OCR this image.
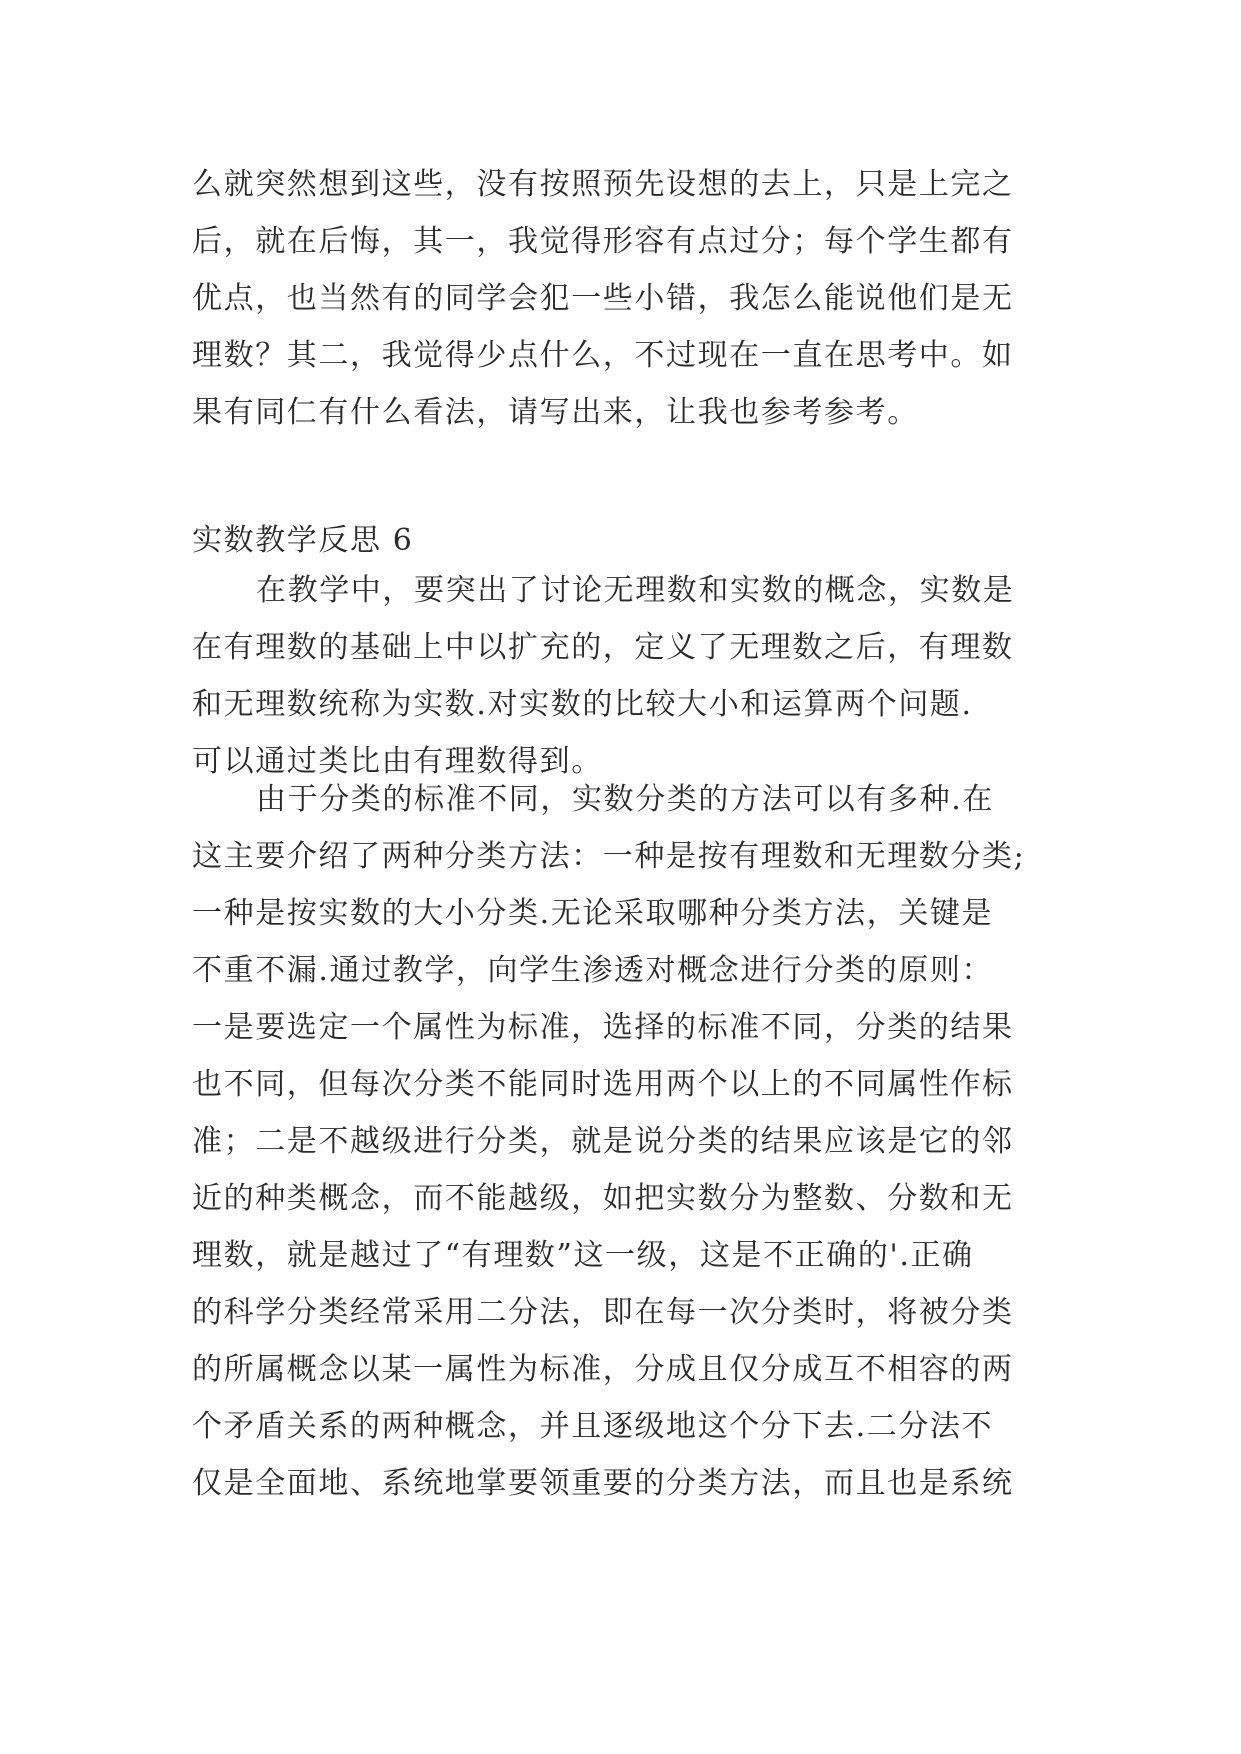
么就突然想到这些，没有按照预先设想的去上，只是上完之
后，就在后悔，其一，我觉得形容有点过分；每个学生都有
优点，也当然有的同学会犯一些小错，我怎么能说他们是无
理数？其二，我觉得少点什么，不过现在一直在思考中。如
果有同仁有什么看法，请写出来，让我也参考参考。
实数教学反思 6
在教学中，要突出了讨论无理数和实数的概念，实数是
在有理数的基础上中以扩充的，定义了无理数之后，有理数
和无理数统称为实数.对实数的比较大小和运算两个问题.
可以通过类比由有理数得到。
由于分类的标准不同，实数分类的方法可以有多种.在
这主要介绍了两种分类方法：一种是按有理数和无理数分类;
一种是按实数的大小分类.无论采取哪种分类方法，关键是
不重不漏.通过教学，向学生渗透对概念进行分类的原则：
一是要选定一个属性为标准，选择的标准不同，分类的结果
也不同，但每次分类不能同时选用两个以上的不同属性作标
准；二是不越级进行分类，就是说分类的结果应该是它的邻
近的种类概念，而不能越级，如把实数分为整数、分数和无
理数，就是越过了“有理数”这一级，这是不正确的'.正确
的科学分类经常采用二分法，即在每一次分类时，将被分类
的所属概念以某一属性为标准，分成且仅分成互不相容的两
个矛盾关系的两种概念，并且逐级地这个分下去.二分法不
仅是全面地、系统地掌要领重要的分类方法，而且也是系统
